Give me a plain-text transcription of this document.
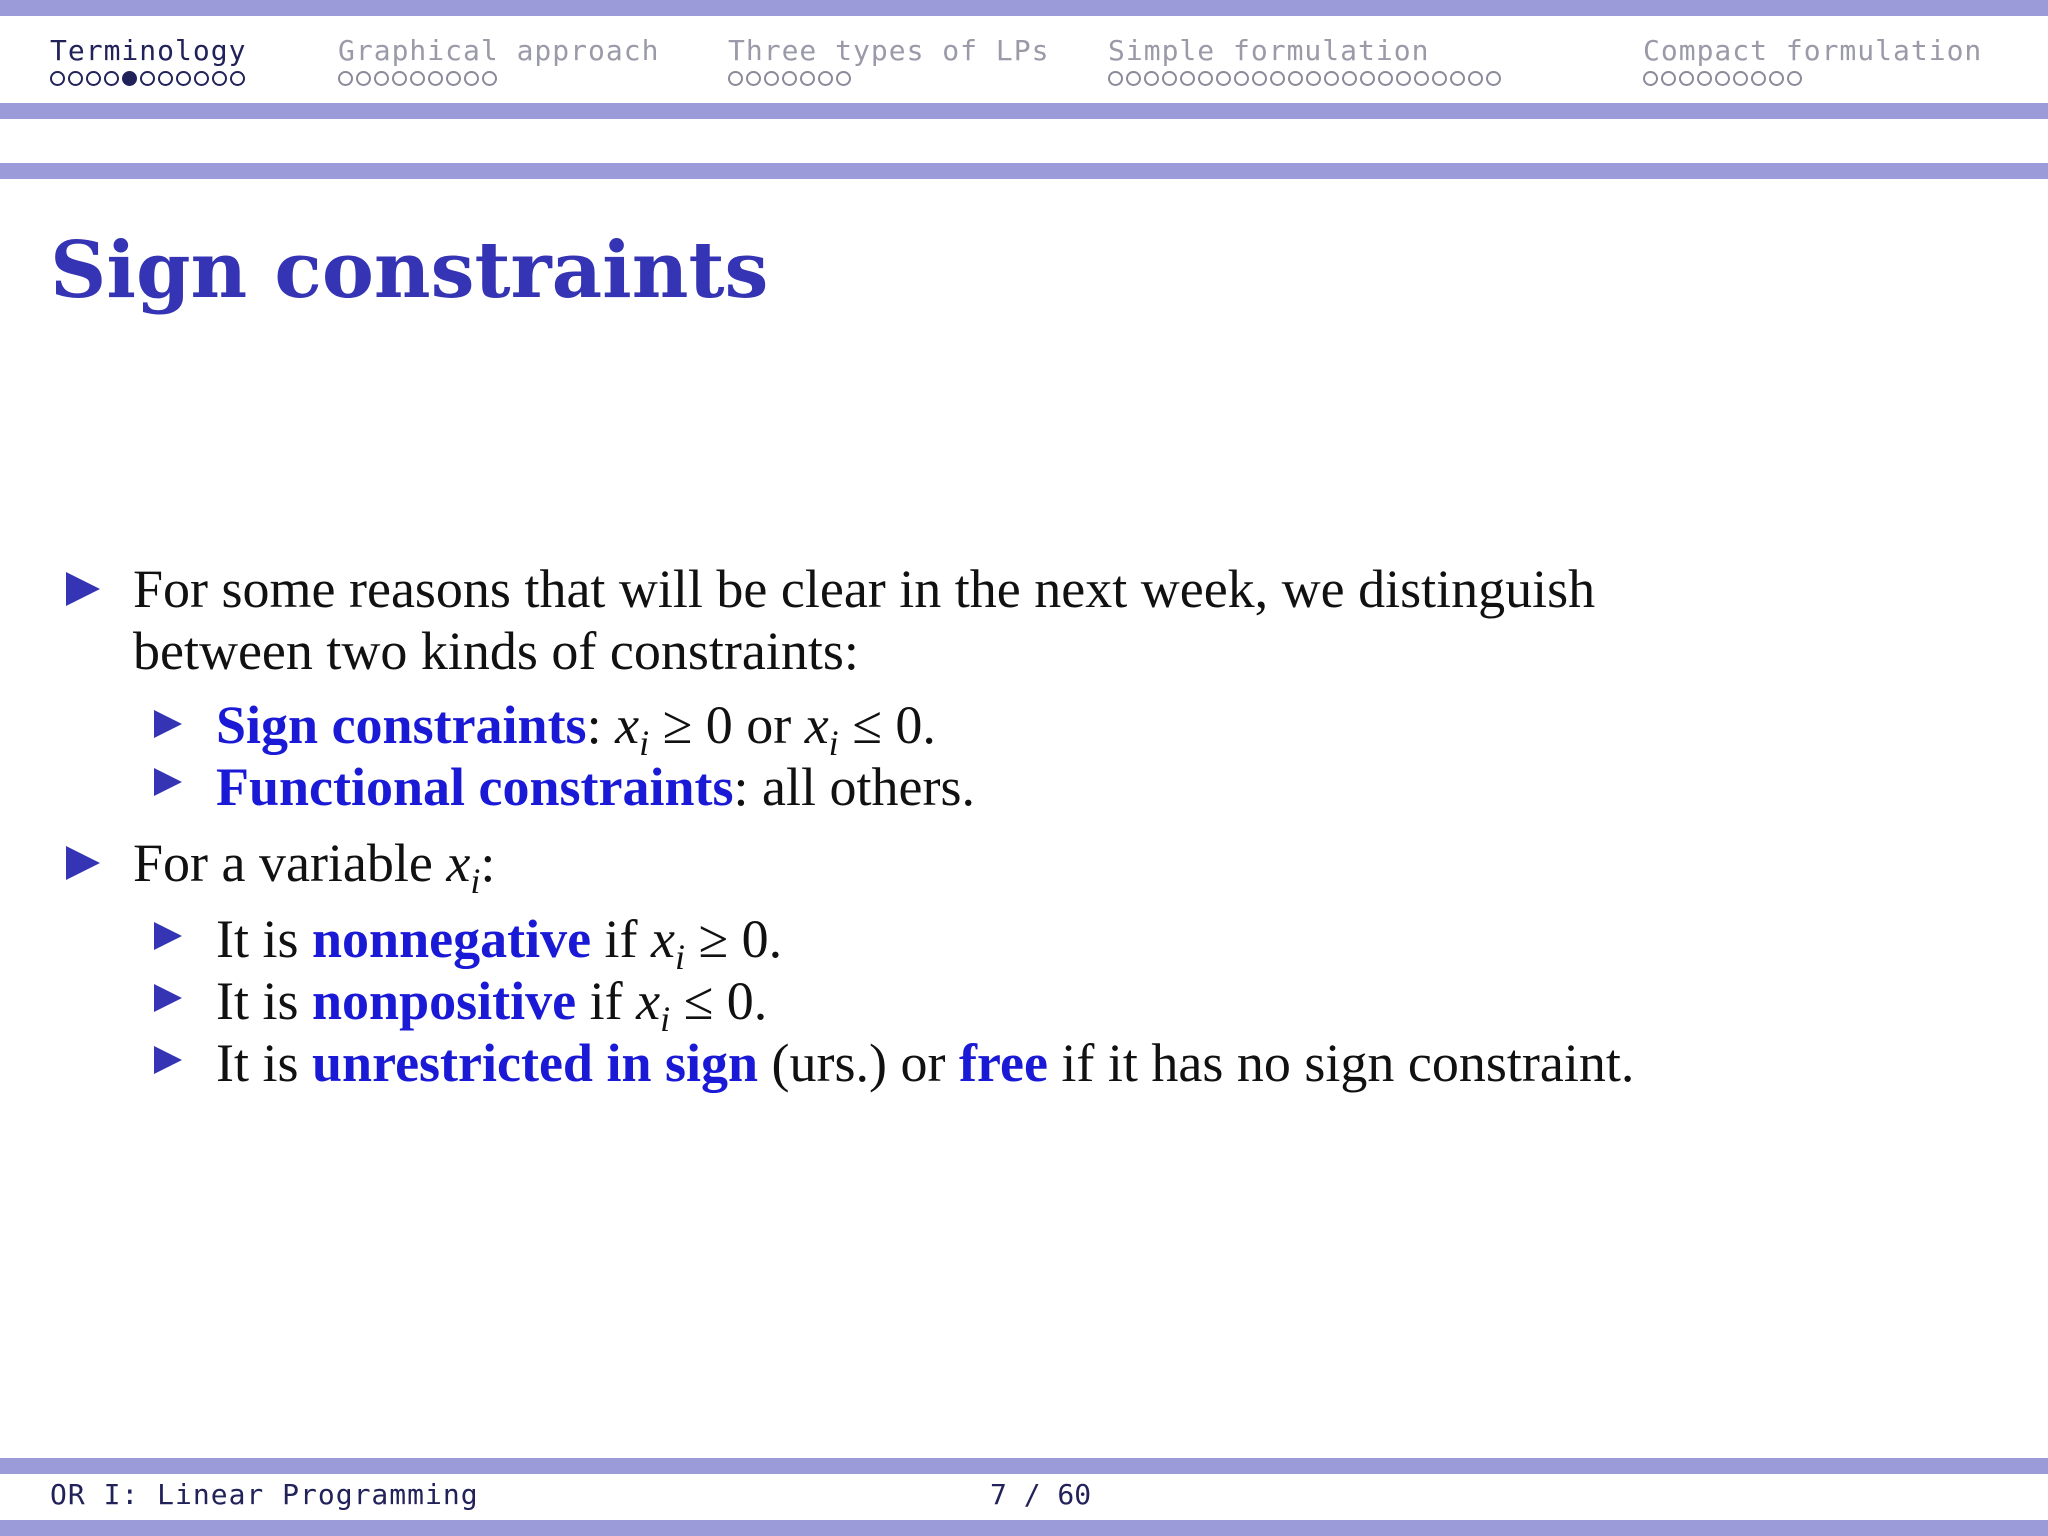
Terminology	Graphical approach Three types of LPs Simple formulation	Compact formulation
Sign constraints
For some reasons that will be clear in the next week, we distinguish
between two kinds of constraints:
Sign constraints: $x_i \ge 0$ or $x_i \le 0$.
Functional constraints: all others.
For a variable $x_i$:
It is nonnegative if $x_i \ge 0$.
It is nonpositive if $x_i \le 0$.
It is unrestricted in sign (urs.) or free if it has no sign constraint.
OR I: Linear Programming	7 / 60
